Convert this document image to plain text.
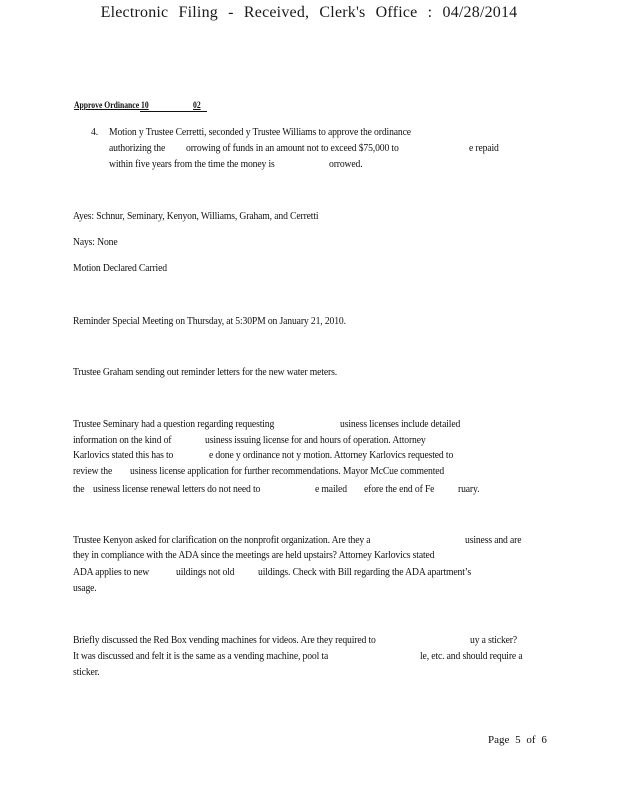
Electronic Filing - Received, Clerk's Office : 04/28/2014
Approve Ordinance 10	02
4. Motion y Trustee Cerretti, seconded y Trustee Williams to approve the ordinance
authorizing the orrowing of funds in an amount not to exceed $75,000 to	e repaid
within five years from the time the money is	orrowed.
Ayes: Schnur, Seminary, Kenyon, Williams, Graham, and Cerretti
Nays: None
Motion Declared Carried
Reminder Special Meeting on Thursday, at 5:30PM on January 21, 2010.
Trustee Graham sending out reminder letters for the new water meters.
Trustee Seminary had a question regarding requesting	usiness licenses include detailed
information on the kind of	usiness issuing license for and hours of operation. Attorney
Karlovics stated this has to	e done y ordinance not y motion. Attorney Karlovics requested to
review the usiness license application for further recommendations. Mayor McCue commented
the usiness license renewal letters do not need to	e mailed efore the end of Fe ruary.
Trustee Kenyon asked for clarification on the nonprofit organization. Are they a	usiness and are
they in compliance with the ADA since the meetings are held upstairs? Attorney Karlovics stated
ADA applies to new	uildings not old uildings. Check with Bill regarding the ADA apartment’s
usage.
Briefly discussed the Red Box vending machines for videos. Are they required to	uy a sticker?
It was discussed and felt it is the same as a vending machine, pool ta	le, etc. and should require a
sticker.
Page 5 of 6
